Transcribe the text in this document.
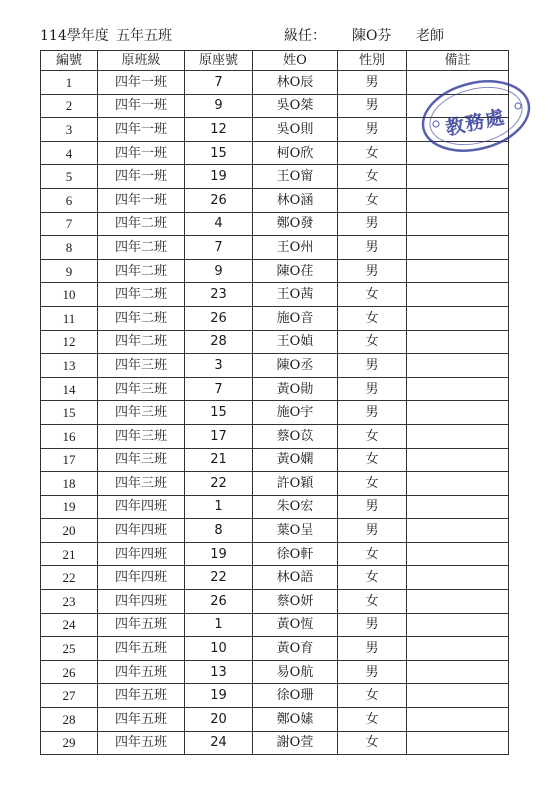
114學年度 五年五班	級任： 陳O芬 老師
編號	原班級	原座號	姓O	性別	備註
1	四年一班	7	林O辰	男	
2	四年一班	9	吳O桀	男	
3	四年一班	12	吳O則	男	
4	四年一班	15	柯O欣	女	
5	四年一班	19	王O甯	女	
6	四年一班	26	林O涵	女	
7	四年二班	4	鄭O發	男	
8	四年二班	7	王O州	男	
9	四年二班	9	陳O荏	男	
10	四年二班	23	王O茜	女	
11	四年二班	26	施O音	女	
12	四年二班	28	王O媜	女	
13	四年三班	3	陳O丞	男	
14	四年三班	7	黃O勛	男	
15	四年三班	15	施O宇	男	
16	四年三班	17	蔡O苡	女	
17	四年三班	21	黃O嫻	女	
18	四年三班	22	許O穎	女	
19	四年四班	1	朱O宏	男	
20	四年四班	8	葉O呈	男	
21	四年四班	19	徐O軒	女	
22	四年四班	22	林O語	女	
23	四年四班	26	蔡O妍	女	
24	四年五班	1	黃O恆	男	
25	四年五班	10	黃O育	男	
26	四年五班	13	易O航	男	
27	四年五班	19	徐O珊	女	
28	四年五班	20	鄭O嫊	女	
29	四年五班	24	謝O萱	女	
教務處
